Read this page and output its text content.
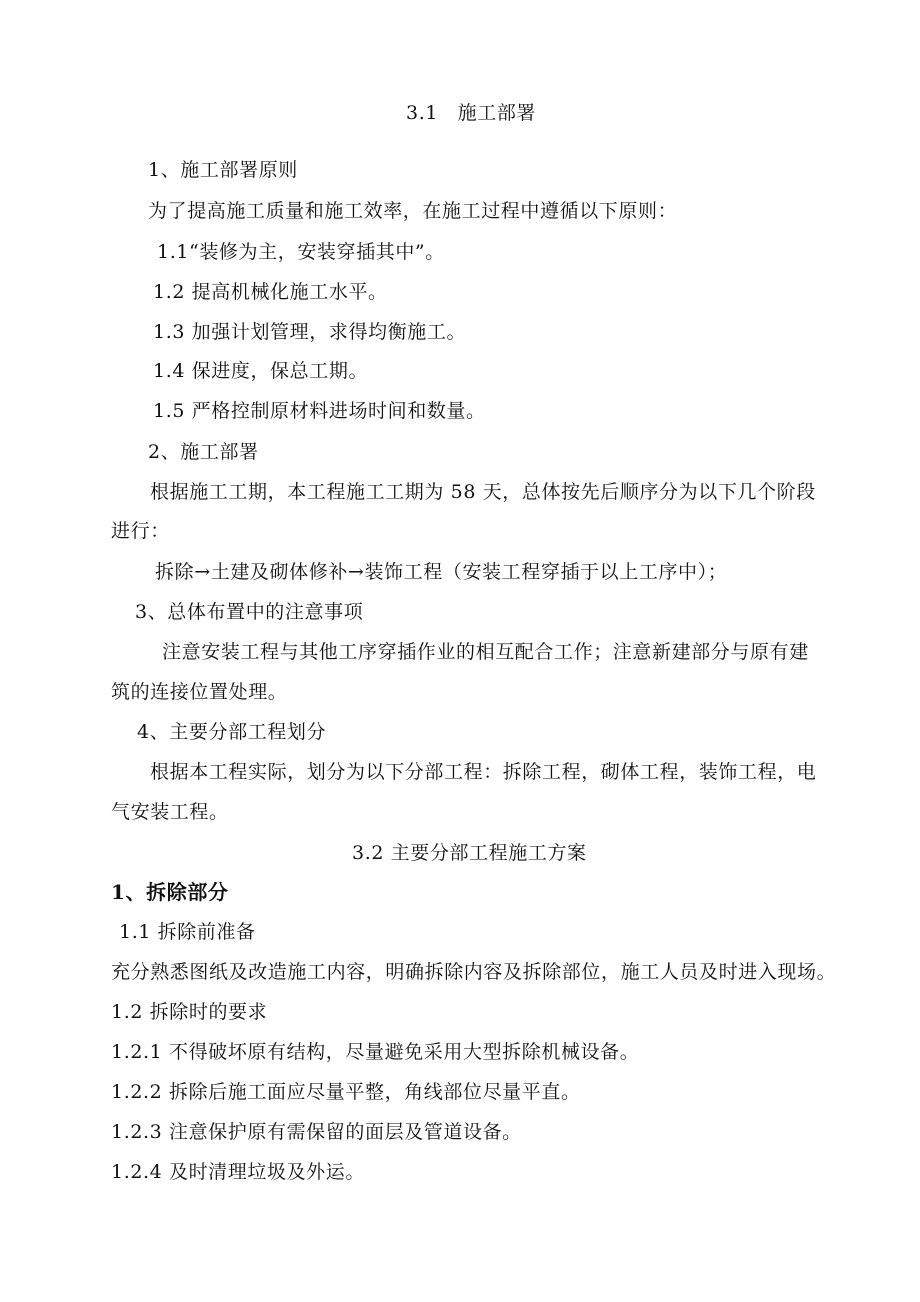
3.1　施工部署
1、施工部署原则
为了提高施工质量和施工效率，在施工过程中遵循以下原则：
1.1“装修为主，安装穿插其中”。
1.2 提高机械化施工水平。
1.3 加强计划管理，求得均衡施工。
1.4 保进度，保总工期。
1.5 严格控制原材料进场时间和数量。
2、施工部署
根据施工工期，本工程施工工期为 58 天，总体按先后顺序分为以下几个阶段
进行：
拆除→土建及砌体修补→装饰工程（安装工程穿插于以上工序中）；
3、总体布置中的注意事项
注意安装工程与其他工序穿插作业的相互配合工作；注意新建部分与原有建
筑的连接位置处理。
4、主要分部工程划分
根据本工程实际，划分为以下分部工程：拆除工程，砌体工程，装饰工程，电
气安装工程。
3.2 主要分部工程施工方案
1、拆除部分
1.1 拆除前准备
充分熟悉图纸及改造施工内容，明确拆除内容及拆除部位，施工人员及时进入现场。
1.2 拆除时的要求
1.2.1 不得破坏原有结构，尽量避免采用大型拆除机械设备。
1.2.2 拆除后施工面应尽量平整，角线部位尽量平直。
1.2.3 注意保护原有需保留的面层及管道设备。
1.2.4 及时清理垃圾及外运。
